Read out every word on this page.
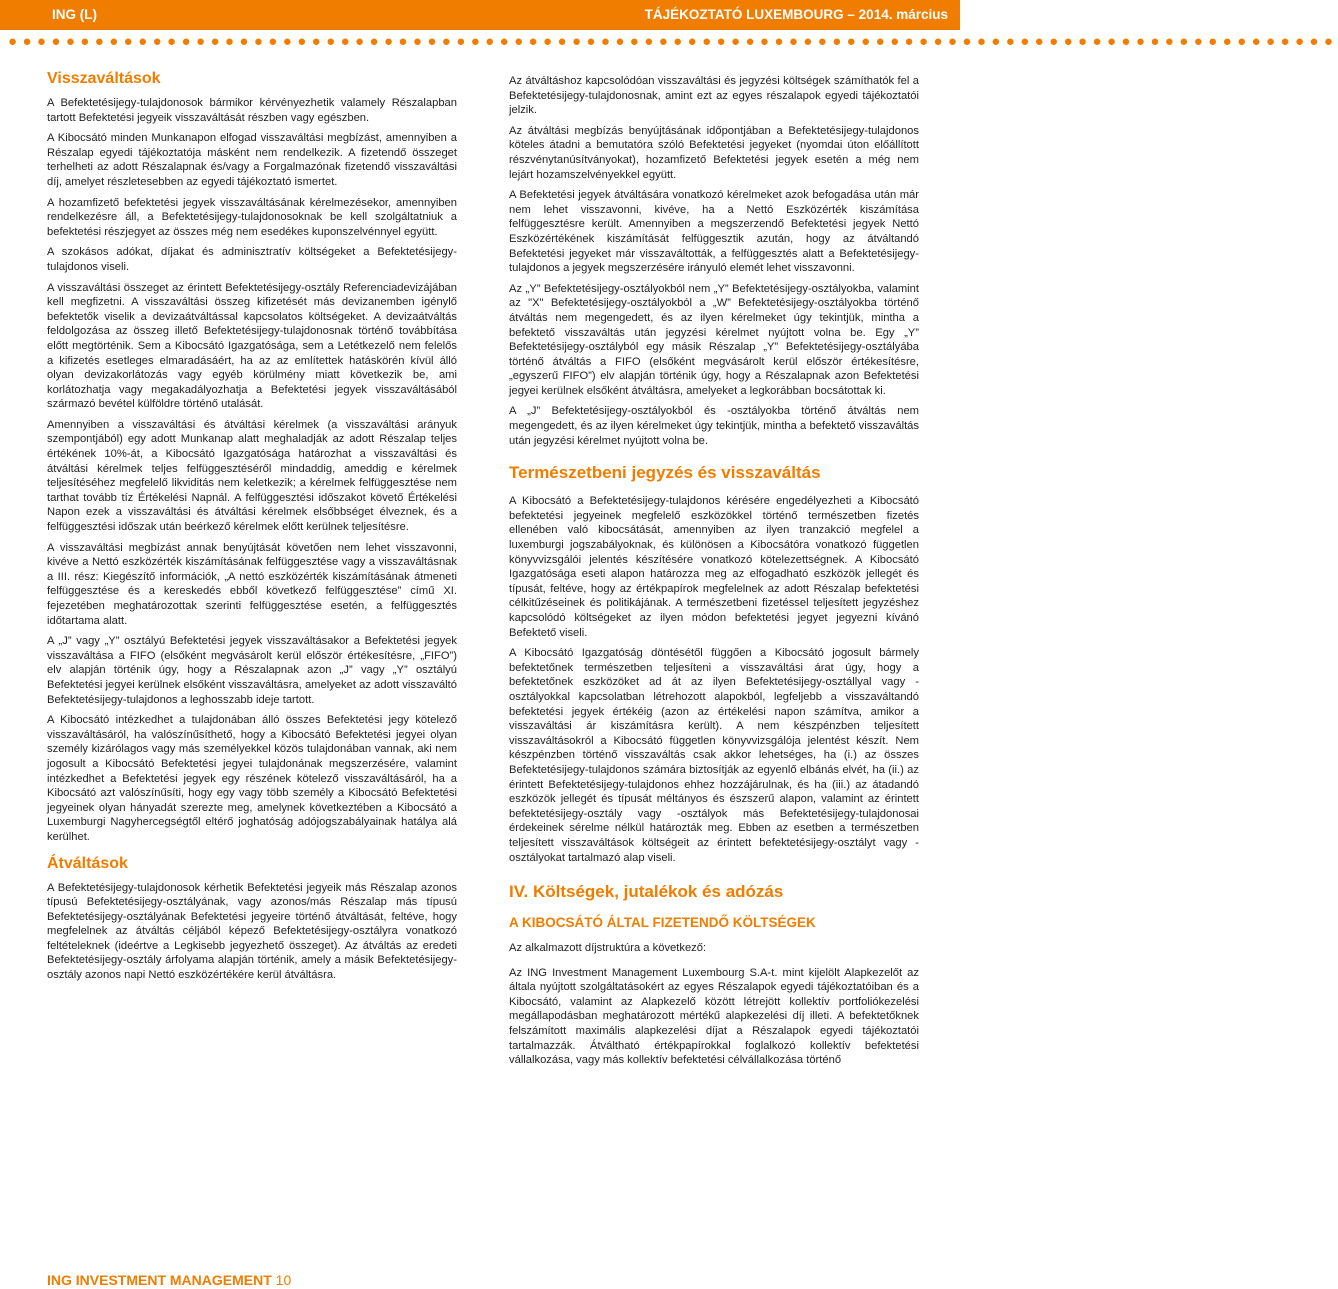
ING (L)	TÁJÉKOZTATÓ LUXEMBOURG – 2014. március
●●●●●●●●●●●●●●●●●●●●●●●●●●●●●●●●●●●●●●●●●●●●●●●●●●●●●●●●●●●●●●●●●●●●●●●●●●●●●●●●●●●●●●●●●●●●
Visszaváltások

A Befektetésijegy-tulajdonosok bármikor kérvényezhetik valamely Részalapban tartott Befektetési jegyeik visszaváltását részben vagy egészben.

A Kibocsátó minden Munkanapon elfogad visszaváltási megbízást, amennyiben a Részalap egyedi tájékoztatója másként nem rendelkezik. A fizetendő összeget terhelheti az adott Részalapnak és/vagy a Forgalmazónak fizetendő visszaváltási díj, amelyet részletesebben az egyedi tájékoztató ismertet.

A hozamfizető befektetési jegyek visszaváltásának kérelmezésekor, amennyiben rendelkezésre áll, a Befektetésijegy-tulajdonosoknak be kell szolgáltatniuk a befektetési részjegyet az összes még nem esedékes kuponszelvénnyel együtt.

A szokásos adókat, díjakat és adminisztratív költségeket a Befektetésijegy-tulajdonos viseli.

A visszaváltási összeget az érintett Befektetésijegy-osztály Referenciadevizájában kell megfizetni. A visszaváltási összeg kifizetését más devizanemben igénylő befektetők viselik a devizaátváltással kapcsolatos költségeket. A devizaátváltás feldolgozása az összeg illető Befektetésijegy-tulajdonosnak történő továbbítása előtt megtörténik. Sem a Kibocsátó Igazgatósága, sem a Letétkezelő nem felelős a kifizetés esetleges elmaradásáért, ha az az említettek hatáskörén kívül álló olyan devizakorlátozás vagy egyéb körülmény miatt következik be, ami korlátozhatja vagy megakadályozhatja a Befektetési jegyek visszaváltásából származó bevétel külföldre történő utalását.

Amennyiben a visszaváltási és átváltási kérelmek (a visszaváltási arányuk szempontjából) egy adott Munkanap alatt meghaladják az adott Részalap teljes értékének 10%-át, a Kibocsátó Igazgatósága határozhat a visszaváltási és átváltási kérelmek teljes felfüggesztéséről mindaddig, ameddig e kérelmek teljesítéséhez megfelelő likviditás nem keletkezik; a kérelmek felfüggesztése nem tarthat tovább tíz Értékelési Napnál. A felfüggesztési időszakot követő Értékelési Napon ezek a visszaváltási és átváltási kérelmek elsőbbséget élveznek, és a felfüggesztési időszak után beérkező kérelmek előtt kerülnek teljesítésre.

A visszaváltási megbízást annak benyújtását követően nem lehet visszavonni, kivéve a Nettó eszközérték kiszámításának felfüggesztése vagy a visszaváltásnak a III. rész: Kiegészítő információk, „A nettó eszközérték kiszámításának átmeneti felfüggesztése és a kereskedés ebből következő felfüggesztése” című XI. fejezetében meghatározottak szerinti felfüggesztése esetén, a felfüggesztés időtartama alatt.

A „J” vagy „Y” osztályú Befektetési jegyek visszaváltásakor a Befektetési jegyek visszaváltása a FIFO (elsőként megvásárolt kerül először értékesítésre, „FIFO”) elv alapján történik úgy, hogy a Részalapnak azon „J” vagy „Y” osztályú Befektetési jegyei kerülnek elsőként visszaváltásra, amelyeket az adott visszaváltó Befektetésijegy-tulajdonos a leghosszabb ideje tartott.

A Kibocsátó intézkedhet a tulajdonában álló összes Befektetési jegy kötelező visszaváltásáról, ha valószínűsíthető, hogy a Kibocsátó Befektetési jegyei olyan személy kizárólagos vagy más személyekkel közös tulajdonában vannak, aki nem jogosult a Kibocsátó Befektetési jegyei tulajdonának megszerzésére, valamint intézkedhet a Befektetési jegyek egy részének kötelező visszaváltásáról, ha a Kibocsátó azt valószínűsíti, hogy egy vagy több személy a Kibocsátó Befektetési jegyeinek olyan hányadát szerezte meg, amelynek következtében a Kibocsátó a Luxemburgi Nagyhercegségtől eltérő joghatóság adójogszabályainak hatálya alá kerülhet.

Átváltások

A Befektetésijegy-tulajdonosok kérhetik Befektetési jegyeik más Részalap azonos típusú Befektetésijegy-osztályának, vagy azonos/más Részalap más típusú Befektetésijegy-osztályának Befektetési jegyeire történő átváltását, feltéve, hogy megfelelnek az átváltás céljából képező Befektetésijegy-osztályra vonatkozó feltételeknek (ideértve a Legkisebb jegyezhető összeget). Az átváltás az eredeti Befektetésijegy-osztály árfolyama alapján történik, amely a másik Befektetésijegy-osztály azonos napi Nettó eszközértékére kerül átváltásra.

Az átváltáshoz kapcsolódóan visszaváltási és jegyzési költségek számíthatók fel a Befektetésijegy-tulajdonosnak, amint ezt az egyes részalapok egyedi tájékoztatói jelzik.

Az átváltási megbízás benyújtásának időpontjában a Befektetésijegy-tulajdonos köteles átadni a bemutatóra szóló Befektetési jegyeket (nyomdai úton előállított részvénytanúsítványokat), hozamfizető Befektetési jegyek esetén a még nem lejárt hozamszelvényekkel együtt.

A Befektetési jegyek átváltására vonatkozó kérelmeket azok befogadása után már nem lehet visszavonni, kivéve, ha a Nettó Eszközérték kiszámítása felfüggesztésre került. Amennyiben a megszerzendő Befektetési jegyek Nettó Eszközértékének kiszámítását felfüggesztik azután, hogy az átváltandó Befektetési jegyeket már visszaváltották, a felfüggesztés alatt a Befektetésijegy-tulajdonos a jegyek megszerzésére irányuló elemét lehet visszavonni.

Az „Y” Befektetésijegy-osztályokból nem „Y” Befektetésijegy-osztályokba, valamint az "X" Befektetésijegy-osztályokból a „W” Befektetésijegy-osztályokba történő átváltás nem megengedett, és az ilyen kérelmeket úgy tekintjük, mintha a befektető visszaváltás után jegyzési kérelmet nyújtott volna be. Egy „Y” Befektetésijegy-osztályból egy másik Részalap „Y” Befektetésijegy-osztályába történő átváltás a FIFO (elsőként megvásárolt kerül először értékesítésre, „egyszerű FIFO”) elv alapján történik úgy, hogy a Részalapnak azon Befektetési jegyei kerülnek elsőként átváltásra, amelyeket a legkorábban bocsátottak ki.

A „J” Befektetésijegy-osztályokból és -osztályokba történő átváltás nem megengedett, és az ilyen kérelmeket úgy tekintjük, mintha a befektető visszaváltás után jegyzési kérelmet nyújtott volna be.

Természetbeni jegyzés és visszaváltás

A Kibocsátó a Befektetésijegy-tulajdonos kérésére engedélyezheti a Kibocsátó befektetési jegyeinek megfelelő eszközökkel történő természetben fizetés ellenében való kibocsátását, amennyiben az ilyen tranzakció megfelel a luxemburgi jogszabályoknak, és különösen a Kibocsátóra vonatkozó független könyvvizsgálói jelentés készítésére vonatkozó kötelezettségnek. A Kibocsátó Igazgatósága eseti alapon határozza meg az elfogadható eszközök jellegét és típusát, feltéve, hogy az értékpapírok megfelelnek az adott Részalap befektetési célkitűzéseinek és politikájának. A természetbeni fizetéssel teljesített jegyzéshez kapcsolódó költségeket az ilyen módon befektetési jegyet jegyezni kívánó Befektető viseli.

A Kibocsátó Igazgatóság döntésétől függően a Kibocsátó jogosult bármely befektetőnek természetben teljesíteni a visszaváltási árat úgy, hogy a befektetőnek eszközöket ad át az ilyen Befektetésijegy-osztállyal vagy -osztályokkal kapcsolatban létrehozott alapokból, legfeljebb a visszaváltandó befektetési jegyek értékéig (azon az értékelési napon számítva, amikor a visszaváltási ár kiszámításra került). A nem készpénzben teljesített visszaváltásokról a Kibocsátó független könyvvizsgálója jelentést készít. Nem készpénzben történő visszaváltás csak akkor lehetséges, ha (i.) az összes Befektetésijegy-tulajdonos számára biztosítják az egyenlő elbánás elvét, ha (ii.) az érintett Befektetésijegy-tulajdonos ehhez hozzájárulnak, és ha (iii.) az átadandó eszközök jellegét és típusát méltányos és észszerű alapon, valamint az érintett befektetésijegy-osztály vagy -osztályok más Befektetésijegy-tulajdonosai érdekeinek sérelme nélkül határozták meg. Ebben az esetben a természetben teljesített visszaváltások költségeit az érintett befektetésijegy-osztályt vagy -osztályokat tartalmazó alap viseli.

IV. Költségek, jutalékok és adózás
A KIBOCSÁTÓ ÁLTAL FIZETENDŐ KÖLTSÉGEK

Az alkalmazott díjstruktúra a következő:

Az ING Investment Management Luxembourg S.A-t. mint kijelölt Alapkezelőt az általa nyújtott szolgáltatásokért az egyes Részalapok egyedi tájékoztatóiban és a Kibocsátó, valamint az Alapkezelő között létrejött kollektív portfoliókezelési megállapodásban meghatározott mértékű alapkezelési díj illeti. A befektetőknek felszámított maximális alapkezelési díjat a Részalapok egyedi tájékoztatói tartalmazzák. Átváltható értékpapírokkal foglalkozó kollektív befektetési vállalkozása, vagy más kollektív befektetési célvállalkozása történő

ING INVESTMENT MANAGEMENT 10
